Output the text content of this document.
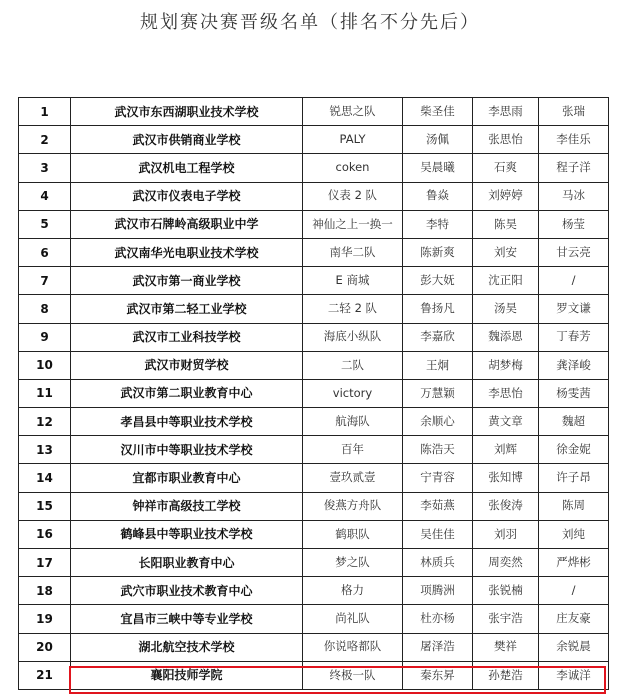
规划赛决赛晋级名单（排名不分先后）
1	武汉市东西湖职业技术学校	锐思之队	柴圣佳	李思雨	张瑞
2	武汉市供销商业学校	PALY	汤佩	张思怡	李佳乐
3	武汉机电工程学校	coken	吴晨曦	石爽	程子洋
4	武汉市仪表电子学校	仪表 2 队	鲁焱	刘婷婷	马冰
5	武汉市石牌岭高级职业中学	神仙之上一换一	李特	陈昊	杨莹
6	武汉南华光电职业技术学校	南华二队	陈新爽	刘安	甘云亮
7	武汉市第一商业学校	E 商城	彭大妩	沈正阳	/
8	武汉市第二轻工业学校	二轻 2 队	鲁扬凡	汤昊	罗文谦
9	武汉市工业科技学校	海底小纵队	李嘉欣	魏添恩	丁春芳
10	武汉市财贸学校	二队	王炯	胡梦梅	龚泽峻
11	武汉市第二职业教育中心	victory	万慧颖	李思怡	杨雯茜
12	孝昌县中等职业技术学校	航海队	余顺心	黄文章	魏超
13	汉川市中等职业技术学校	百年	陈浩天	刘辉	徐金妮
14	宜都市职业教育中心	壹玖贰壹	宁青容	张知博	许子昂
15	钟祥市高级技工学校	俊燕方舟队	李茹燕	张俊涛	陈周
16	鹤峰县中等职业技术学校	鹤职队	吴佳佳	刘羽	刘纯
17	长阳职业教育中心	梦之队	林质兵	周奕然	严烨彬
18	武穴市职业技术教育中心	格力	项腾洲	张锐楠	/
19	宜昌市三峡中等专业学校	尚礼队	杜亦杨	张宇浩	庄友豪
20	湖北航空技术学校	你说咯都队	屠泽浩	樊祥	余锐晨
21	襄阳技师学院	终极一队	秦东昇	孙楚浩	李诚洋
